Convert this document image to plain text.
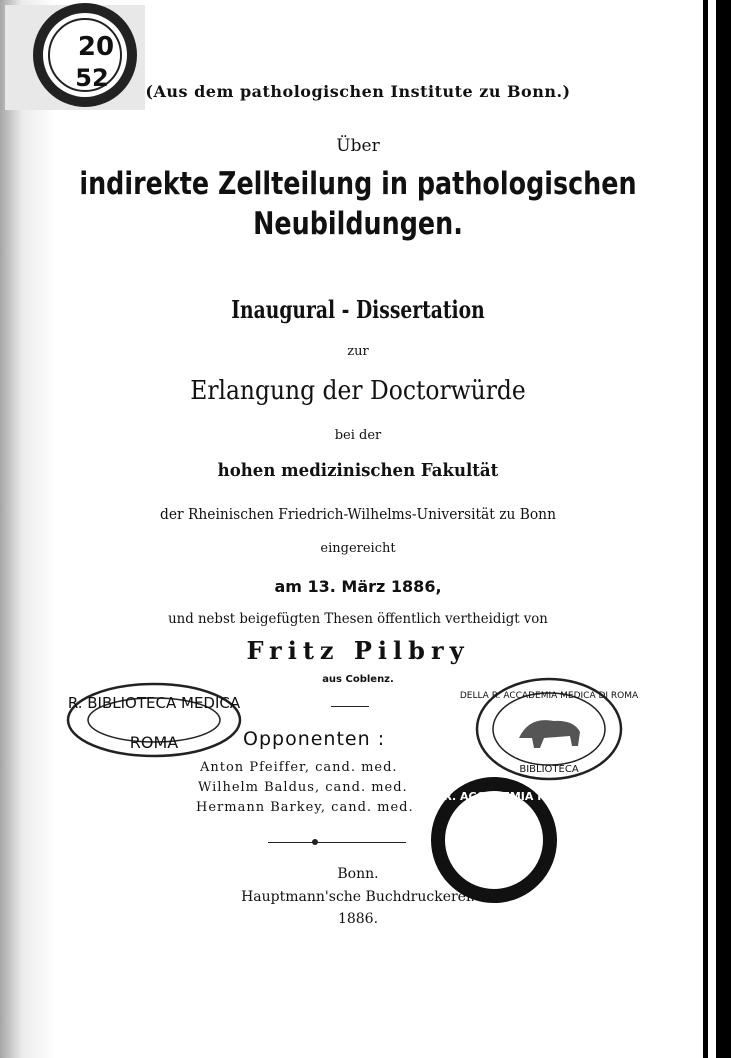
(Aus dem pathologischen Institute zu Bonn.)
Über
indirekte Zellteilung in pathologischen
Neubildungen.
Inaugural - Dissertation
zur
Erlangung der Doctorwürde
bei der
hohen medizinischen Fakultät
der Rheinischen Friedrich-Wilhelms-Universität zu Bonn
eingereicht
am 13. März 1886,
und nebst beigefügten Thesen öffentlich vertheidigt von
Fritz Pilbry
aus Coblenz.
Opponenten :
Anton Pfeiffer, cand. med.
Wilhelm Baldus, cand. med.
Hermann Barkey, cand. med.
Bonn.
Hauptmann'sche Buchdruckerei.
1886.
20
52
R. BIBLIOTECA MEDICA
ROMA
DELLA R. ACCADEMIA MEDICA DI ROMA
BIBLIOTECA
DONO R. ACCADEMIA MEDICA
★
